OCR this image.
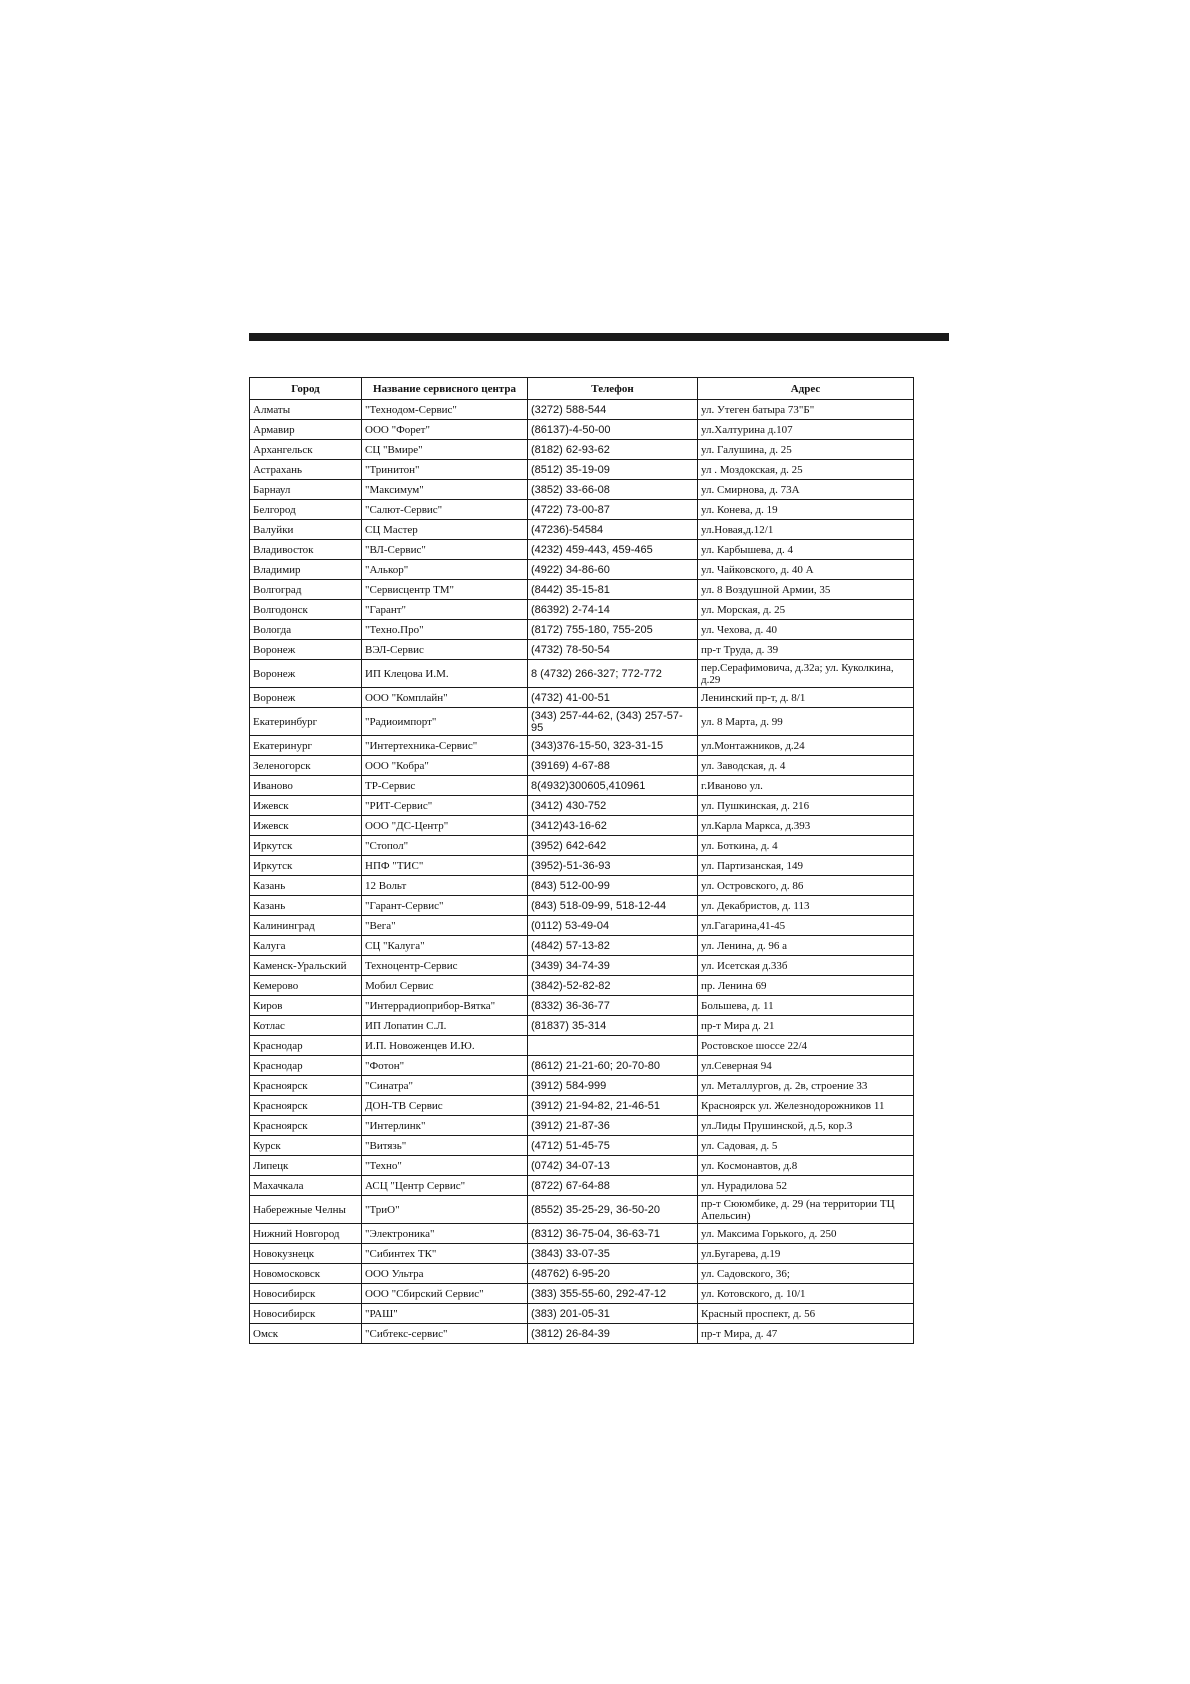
Город	Название сервисного центра	Телефон	Адрес
Алматы	"Технодом-Сервис"	(3272) 588-544	ул. Утеген батыра 73"Б"
Армавир	ООО "Форет"	(86137)-4-50-00	ул.Халтурина д.107
Архангельск	СЦ "Вмире"	(8182) 62-93-62	ул. Галушина, д. 25
Астрахань	"Тринитон"	(8512) 35-19-09	ул . Моздокская, д. 25
Барнаул	"Максимум"	(3852) 33-66-08	ул. Смирнова, д. 73А
Белгород	"Салют-Сервис"	(4722) 73-00-87	ул. Конева, д. 19
Валуйки	СЦ Мастер	(47236)-54584	ул.Новая,д.12/1
Владивосток	"ВЛ-Сервис"	(4232) 459-443, 459-465	ул. Карбышева, д. 4
Владимир	"Алькор"	(4922) 34-86-60	ул. Чайковского, д. 40 А
Волгоград	"Сервисцентр ТМ"	(8442) 35-15-81	ул. 8 Воздушной Армии, 35
Волгодонск	"Гарант"	(86392) 2-74-14	ул. Морская, д. 25
Вологда	"Техно.Про"	(8172) 755-180, 755-205	ул. Чехова, д. 40
Воронеж	ВЭЛ-Сервис	(4732) 78-50-54	пр-т Труда, д. 39
Воронеж	ИП Клецова И.М.	8 (4732) 266-327; 772-772	пер.Серафимовича, д.32а; ул. Куколкина, д.29
Воронеж	ООО "Комплайн"	(4732) 41-00-51	Ленинский пр-т, д. 8/1
Екатеринбург	"Радиоимпорт"	(343) 257-44-62, (343) 257-57-95	ул. 8 Марта, д. 99
Екатеринург	"Интертехника-Сервис"	(343)376-15-50, 323-31-15	ул.Монтажников, д.24
Зеленогорск	ООО "Кобра"	(39169) 4-67-88	ул. Заводская, д. 4
Иваново	ТР-Сервис	8(4932)300605,410961	г.Иваново ул.
Ижевск	"РИТ-Сервис"	(3412) 430-752	ул. Пушкинская, д. 216
Ижевск	ООО "ДС-Центр"	(3412)43-16-62	ул.Карла Маркса, д.393
Иркутск	"Стопол"	(3952) 642-642	ул. Боткина, д. 4
Иркутск	НПФ "ТИС"	(3952)-51-36-93	ул. Партизанская, 149
Казань	12 Вольт	(843) 512-00-99	ул. Островского, д. 86
Казань	"Гарант-Сервис"	(843) 518-09-99, 518-12-44	ул. Декабристов, д. 113
Калининград	"Вега"	(0112) 53-49-04	ул.Гагарина,41-45
Калуга	СЦ "Калуга"	(4842) 57-13-82	ул. Ленина, д. 96 а
Каменск-Уральский	Техноцентр-Сервис	(3439) 34-74-39	ул. Исетская д.33б
Кемерово	Мобил Сервис	(3842)-52-82-82	пр. Ленина 69
Киров	"Интеррадиоприбор-Вятка"	(8332) 36-36-77	Большева, д. 11
Котлас	ИП Лопатин С.Л.	(81837) 35-314	пр-т Мира д. 21
Краснодар	И.П. Новоженцев И.Ю.		Ростовское шоссе 22/4
Краснодар	"Фотон"	(8612) 21-21-60; 20-70-80	ул.Северная 94
Красноярск	"Синатра"	(3912) 584-999	ул. Металлургов, д. 2в, строение 33
Красноярск	ДОН-ТВ Сервис	(3912) 21-94-82, 21-46-51	Красноярск ул. Железнодорожников 11
Красноярск	"Интерлинк"	(3912) 21-87-36	ул.Лиды Прушинской, д.5, кор.3
Курск	"Витязь"	(4712) 51-45-75	ул. Садовая, д. 5
Липецк	"Техно"	(0742) 34-07-13	ул. Космонавтов, д.8
Махачкала	АСЦ "Центр Сервис"	(8722) 67-64-88	ул. Нурадилова 52
Набережные Челны	"ТриО"	(8552) 35-25-29, 36-50-20	пр-т Сююмбике, д. 29 (на территории ТЦ Апельсин)
Нижний Новгород	"Электроника"	(8312) 36-75-04, 36-63-71	ул. Максима Горького, д. 250
Новокузнецк	"Сибинтех ТК"	(3843) 33-07-35	ул.Бугарева, д.19
Новомосковск	ООО Ультра	(48762) 6-95-20	ул. Садовского, 36;
Новосибирск	ООО "Сбирский Сервис"	(383) 355-55-60, 292-47-12	ул. Котовского, д. 10/1
Новосибирск	"РАШ"	(383) 201-05-31	Красный проспект, д. 56
Омск	"Сибтекс-сервис"	(3812) 26-84-39	пр-т Мира, д. 47
